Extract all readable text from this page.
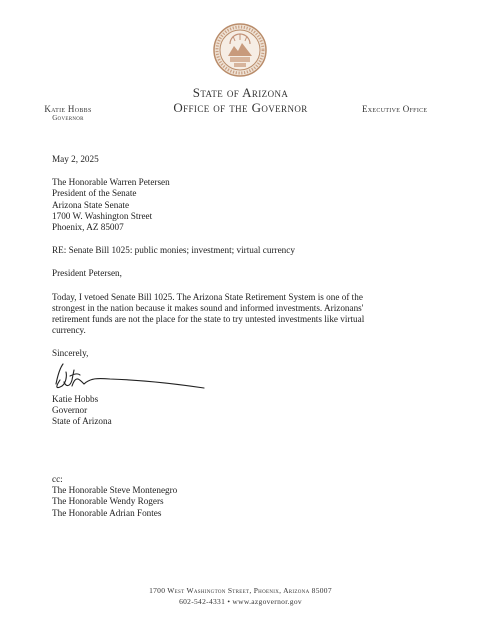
State of Arizona
Office of the Governor
Katie Hobbs
Governor
Executive Office

May 2, 2025

The Honorable Warren Petersen

President of the Senate

Arizona State Senate

1700 W. Washington Street

Phoenix, AZ 85007

RE: Senate Bill 1025: public monies; investment; virtual currency

President Petersen,

Today, I vetoed Senate Bill 1025. The Arizona State Retirement System is one of the

strongest in the nation because it makes sound and informed investments. Arizonans'

retirement funds are not the place for the state to try untested investments like virtual

currency.

Sincerely,

Katie Hobbs

Governor

State of Arizona

cc:

The Honorable Steve Montenegro

The Honorable Wendy Rogers

The Honorable Adrian Fontes

1700 West Washington Street, Phoenix, Arizona 85007
602-542-4331 • www.azgovernor.gov
